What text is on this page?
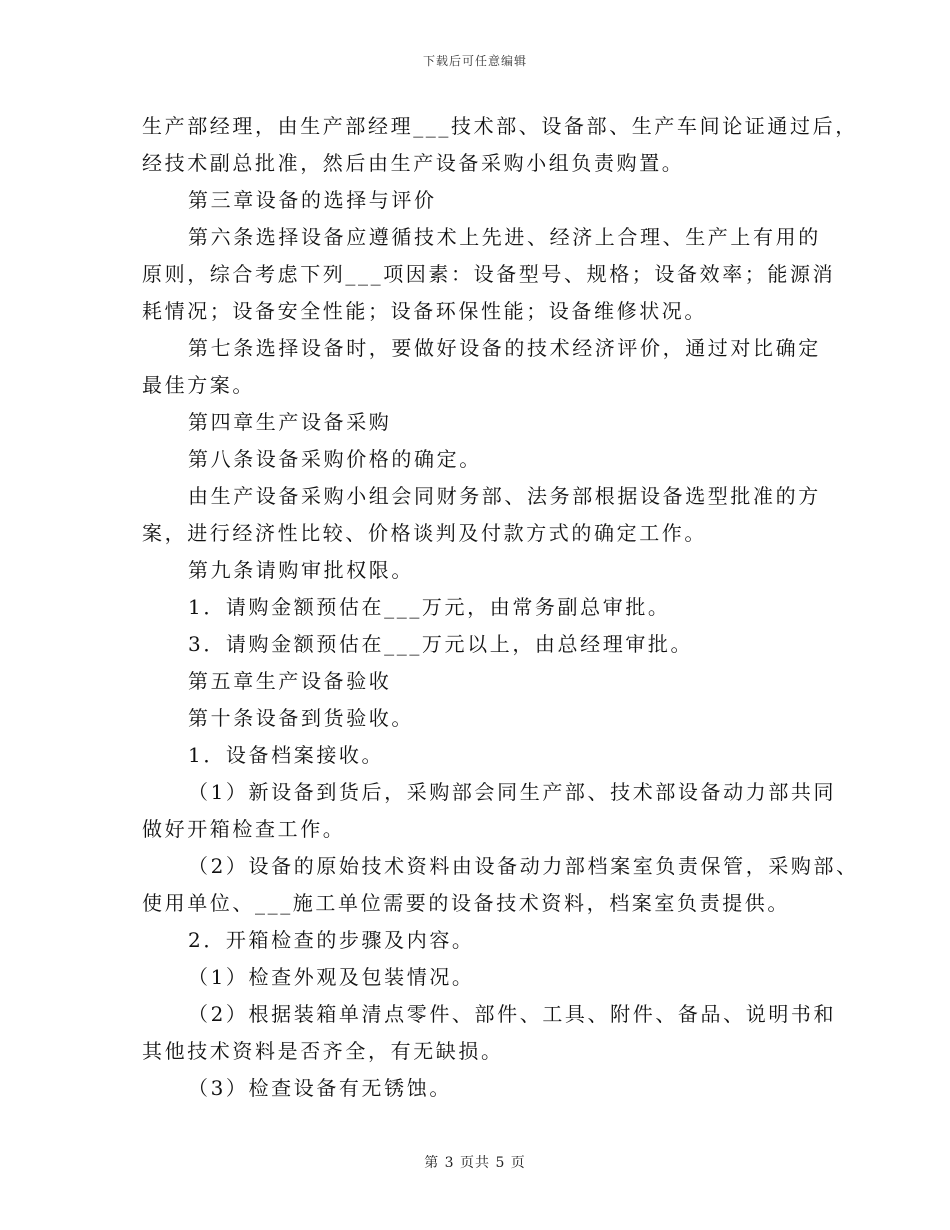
下载后可任意编辑
生产部经理，由生产部经理___技术部、设备部、生产车间论证通过后，
经技术副总批准，然后由生产设备采购小组负责购置。
第三章设备的选择与评价
第六条选择设备应遵循技术上先进、经济上合理、生产上有用的
原则，综合考虑下列___项因素：设备型号、规格；设备效率；能源消
耗情况；设备安全性能；设备环保性能；设备维修状况。
第七条选择设备时，要做好设备的技术经济评价，通过对比确定
最佳方案。
第四章生产设备采购
第八条设备采购价格的确定。
由生产设备采购小组会同财务部、法务部根据设备选型批准的方
案，进行经济性比较、价格谈判及付款方式的确定工作。
第九条请购审批权限。
1．请购金额预估在___万元，由常务副总审批。
3．请购金额预估在___万元以上，由总经理审批。
第五章生产设备验收
第十条设备到货验收。
1．设备档案接收。
（1）新设备到货后，采购部会同生产部、技术部设备动力部共同
做好开箱检查工作。
（2）设备的原始技术资料由设备动力部档案室负责保管，采购部、
使用单位、___施工单位需要的设备技术资料，档案室负责提供。
2．开箱检查的步骤及内容。
（1）检查外观及包装情况。
（2）根据装箱单清点零件、部件、工具、附件、备品、说明书和
其他技术资料是否齐全，有无缺损。
（3）检查设备有无锈蚀。
第 3 页共 5 页
